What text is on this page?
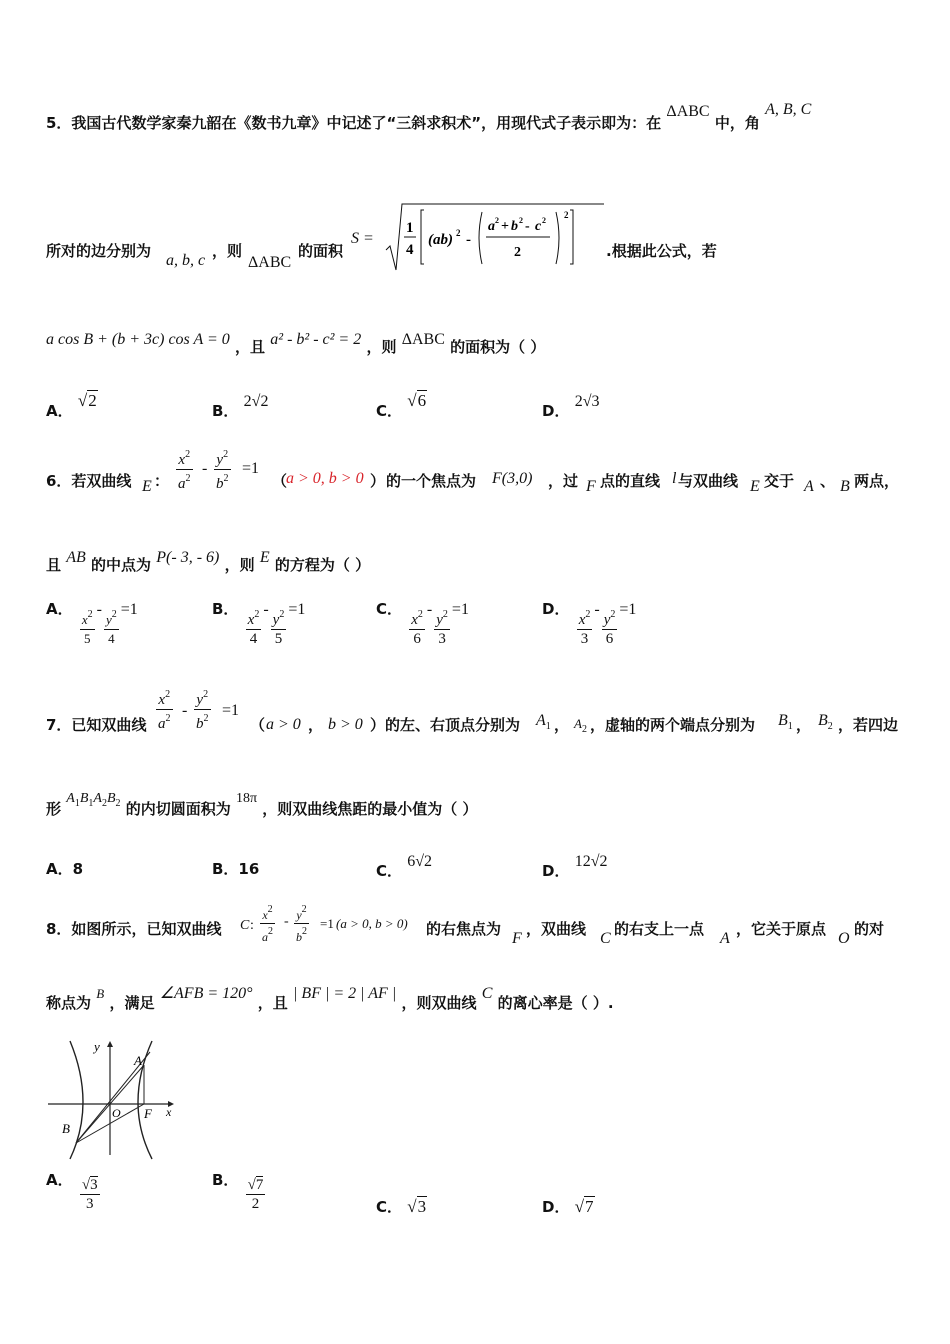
5．我国古代数学家秦九韶在《数书九章》中记述了“三斜求积术”，用现代式子表示即为：在 ΔABC 中，角 A, B, C
所对的边分别为
a, b, c
，则
ΔABC
的面积
S =
1
4
(ab) 2 -
a 2 + b 2 - c 2
2
2
.根据此公式，若
a cos B + (b + 3c) cos A = 0 ，且 a² - b² - c² = 2 ，则 ΔABC 的面积为（ ）
A． √2
B． 2√2
C． √6
D． 2√3
6．若双曲线 E ： $\frac{x^2}{a^2} - \frac{y^2}{b^2} =1$
（
a > 0, b > 0 ） 的一个焦点为 F(3,0) ，过 F 点的直线 l 与双曲线 E 交于 A 、 B 两点，
且 AB 的中点为 P(- 3, - 6) ，则 E 的方程为（ ）
A． $\frac{x^2}{5} - \frac{y^2}{4} =1$	B． $\frac{x^2}{4} - \frac{y^2}{5} =1$	C． $\frac{x^2}{6} - \frac{y^2}{3} =1$	D． $\frac{x^2}{3} - \frac{y^2}{6} =1$
7．已知双曲线 $\frac{x^2}{a^2} - \frac{y^2}{b^2} =1$
（ a > 0 ， b > 0 ）的左、右顶点分别为 $A_1$ ， $A_2$ ，虚轴的两个端点分别为 $B_1$ ， $B_2$ ，若四边
形 $A_1B_1A_2B_2$ 的内切圆面积为 18π ，则双曲线焦距的最小值为（ ）
A．8	B．16	C． 6√2
D． 12√2
8．如图所示，已知双曲线 C : $\frac{x^2}{a^2} - \frac{y^2}{b^2} =1$ (a > 0, b > 0) 的右焦点为
F
，双曲线
C
的右支上一点
A
，它关于原点
O
的对
称点为 B ，满足 ∠AFB = 120° ，且 | BF | = 2 | AF | ，则双曲线 C 的离心率是（ ）.
y
A
O F x
B
A． $\frac{√3}{3}$	B． $\frac{√7}{2}$	C． √3	D． √7
